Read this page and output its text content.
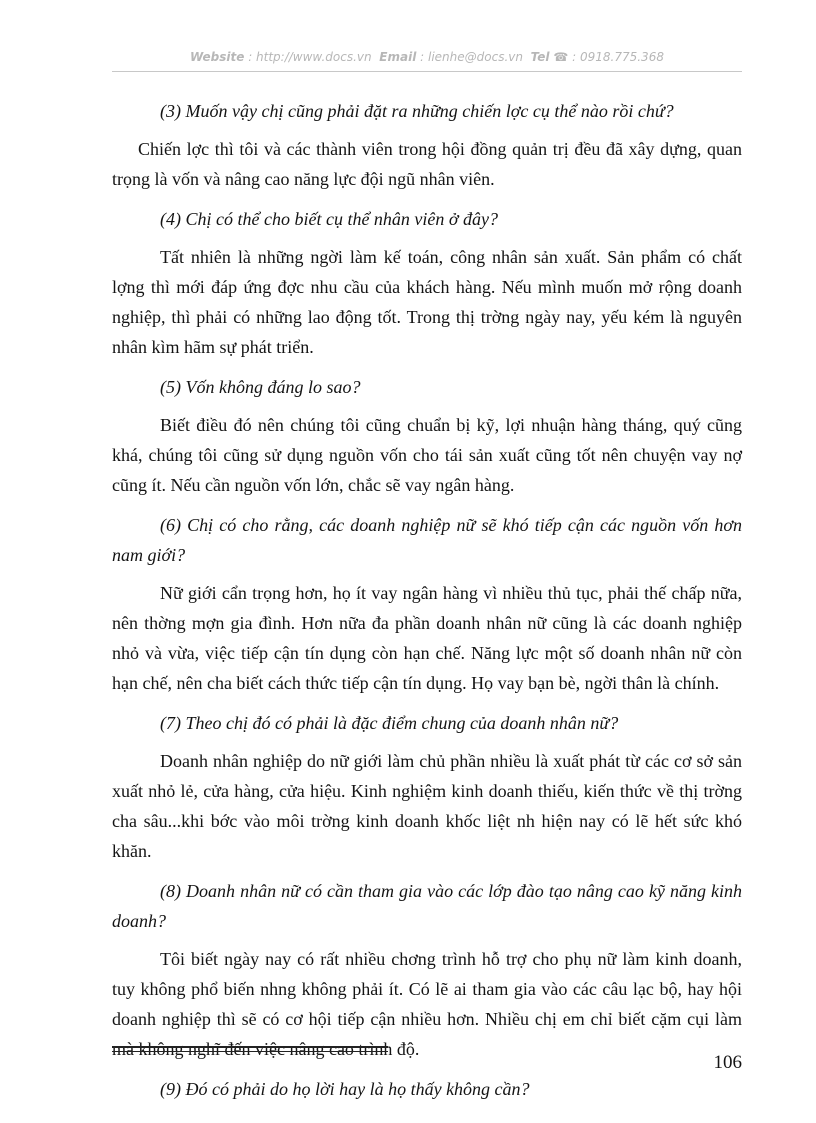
Website : http://www.docs.vn Email : lienhe@docs.vn Tel ☎ : 0918.775.368

(3) Muốn vậy chị cũng phải đặt ra những chiến lợc cụ thể nào rồi chứ?

Chiến lợc thì tôi và các thành viên trong hội đồng quản trị đều đã xây dựng, quan trọng là vốn và nâng cao năng lực đội ngũ nhân viên.

(4) Chị có thể cho biết cụ thể nhân viên ở đây?

Tất nhiên là những ngời làm kế toán, công nhân sản xuất. Sản phẩm có chất lợng thì mới đáp ứng đợc nhu cầu của khách hàng. Nếu mình muốn mở rộng doanh nghiệp, thì phải có những lao động tốt. Trong thị trờng ngày nay, yếu kém là nguyên nhân kìm hãm sự phát triển.

(5) Vốn không đáng lo sao?

Biết điều đó nên chúng tôi cũng chuẩn bị kỹ, lợi nhuận hàng tháng, quý cũng khá, chúng tôi cũng sử dụng nguồn vốn cho tái sản xuất cũng tốt nên chuyện vay nợ cũng ít. Nếu cần nguồn vốn lớn, chắc sẽ vay ngân hàng.

(6) Chị có cho rằng, các doanh nghiệp nữ sẽ khó tiếp cận các nguồn vốn hơn nam giới?

Nữ giới cẩn trọng hơn, họ ít vay ngân hàng vì nhiều thủ tục, phải thế chấp nữa, nên thờng mợn gia đình. Hơn nữa đa phần doanh nhân nữ cũng là các doanh nghiệp nhỏ và vừa, việc tiếp cận tín dụng còn hạn chế. Năng lực một số doanh nhân nữ còn hạn chế, nên cha biết cách thức tiếp cận tín dụng. Họ vay bạn bè, ngời thân là chính.

(7) Theo chị đó có phải là đặc điểm chung của doanh nhân nữ?

Doanh nhân nghiệp do nữ giới làm chủ phần nhiều là xuất phát từ các cơ sở sản xuất nhỏ lẻ, cửa hàng, cửa hiệu. Kinh nghiệm kinh doanh thiếu, kiến thức về thị trờng cha sâu...khi bớc vào môi trờng kinh doanh khốc liệt nh hiện nay có lẽ hết sức khó khăn.

(8) Doanh nhân nữ có cần tham gia vào các lớp đào tạo nâng cao kỹ năng kinh doanh?

Tôi biết ngày nay có rất nhiều chơng trình hỗ trợ cho phụ nữ làm kinh doanh, tuy không phổ biến nhng không phải ít. Có lẽ ai tham gia vào các câu lạc bộ, hay hội doanh nghiệp thì sẽ có cơ hội tiếp cận nhiều hơn. Nhiều chị em chỉ biết cặm cụi làm mà không nghĩ đến việc nâng cao trình độ.

(9) Đó có phải do họ lời hay là họ thấy không cần?

106
